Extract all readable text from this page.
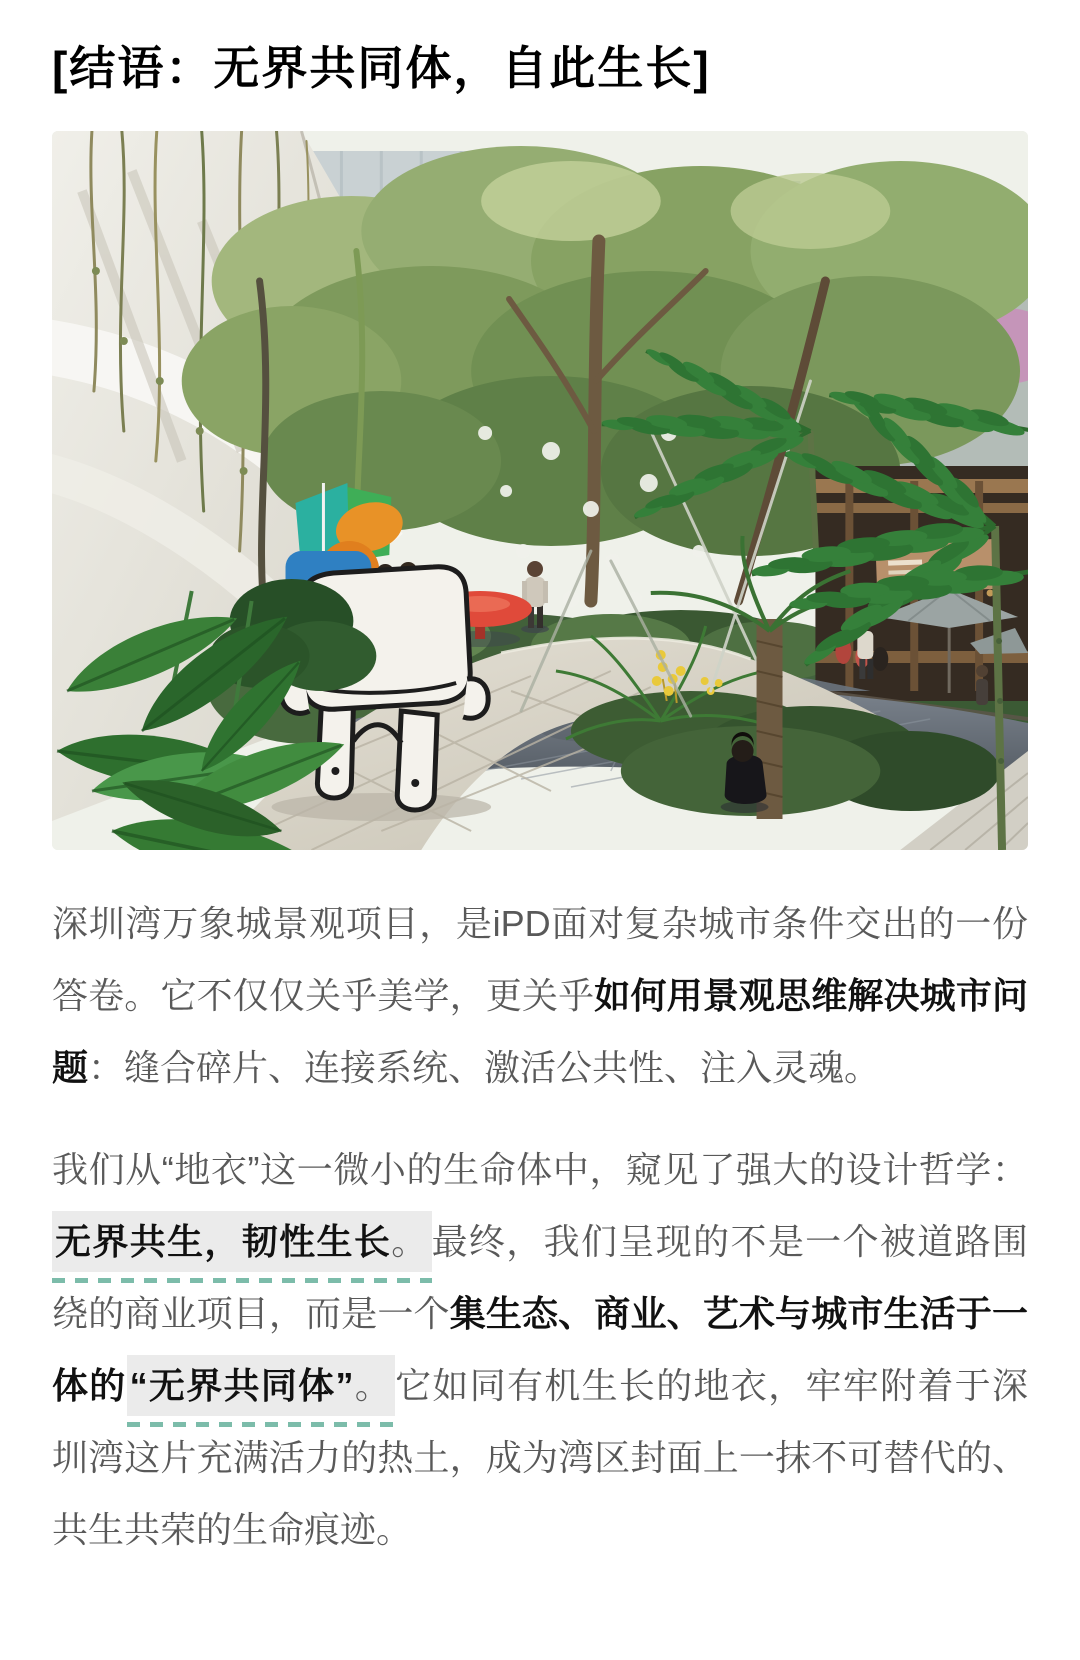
[结语：无界共同体，自此生长]

深圳湾万象城景观项目，是iPD面对复杂城市条件交出的一份答卷。它不仅仅关乎美学，更关乎如何用景观思维解决城市问题：缝合碎片、连接系统、激活公共性、注入灵魂。

我们从“地衣”这一微小的生命体中，窥见了强大的设计哲学：无界共生，韧性生长。最终，我们呈现的不是一个被道路围绕的商业项目，而是一个集生态、商业、艺术与城市生活于一体的“无界共同体”。它如同有机生长的地衣，牢牢附着于深圳湾这片充满活力的热土，成为湾区封面上一抹不可替代的、共生共荣的生命痕迹。
